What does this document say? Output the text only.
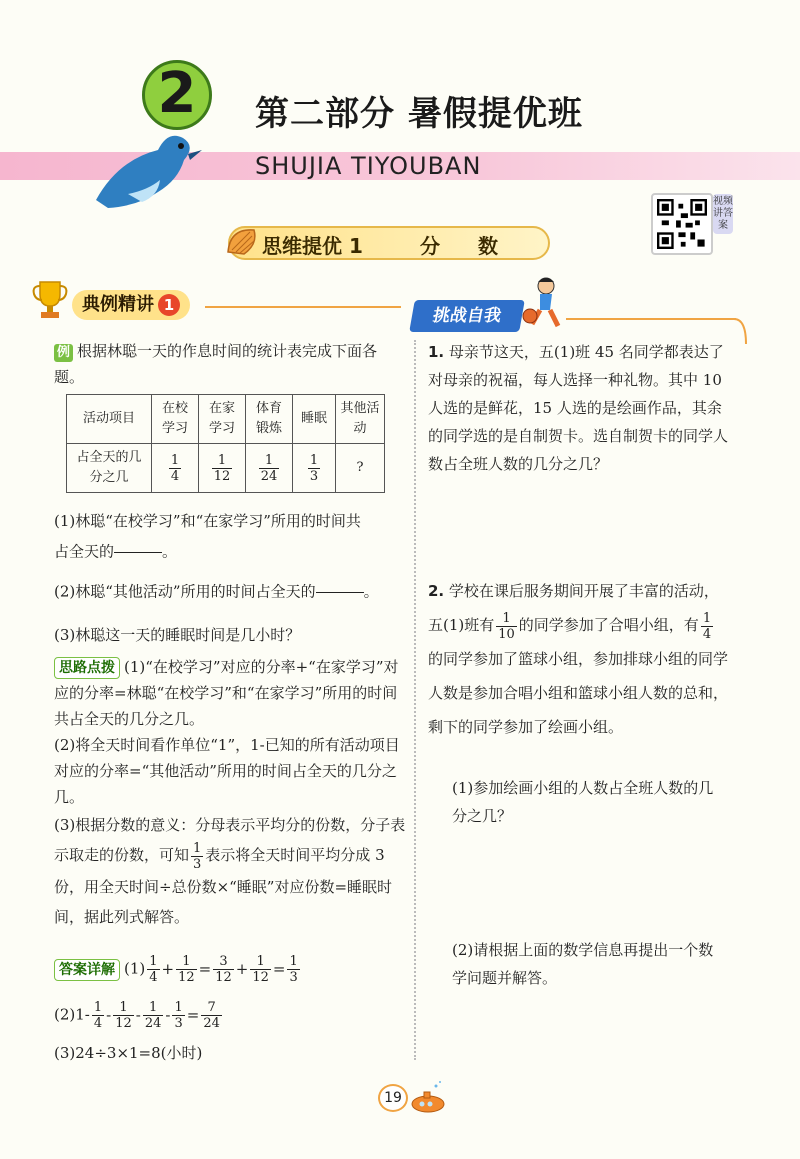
2	第二部分 暑假提优班
SHUJIA TIYOUBAN
视频讲答案
思维提优 1	分数
典例精讲 1
挑战自我
例 根据林聪一天的作息时间的统计表完成下面各题。
活动项目	在校学习	在家学习	体育锻炼	睡眠	其他活动
占全天的几分之几	$\frac{1}{4}$	$\frac{1}{12}$	$\frac{1}{24}$	$\frac{1}{3}$	?
(1)林聪“在校学习”和“在家学习”所用的时间共
占全天的

	。
(2)林聪“其他活动”所用的时间占全天的

	。
(3)林聪这一天的睡眠时间是几小时？
思路点拨 (1)“在校学习”对应的分率+“在家学习”对应的分率=林聪“在校学习”和“在家学习”所用的时间共占全天的几分之几。
(2)将全天时间看作单位“1”，1-已知的所有活动项目对应的分率=“其他活动”所用的时间占全天的几分之几。
(3)根据分数的意义：分母表示平均分的份数，分子表示取走的份数，可知 $\frac{1}{3}$ 表示将全天时间平均分成 3 份，用全天时间÷总份数×“睡眠”对应份数=睡眠时间，据此列式解答。
答案详解 $(1) \frac{1}{4} + \frac{1}{12} = \frac{3}{12} + \frac{1}{12} = \frac{1}{3}$
$(2)1- \frac{1}{4} - \frac{1}{12} - \frac{1}{24} - \frac{1}{3} = \frac{7}{24}$
(3)24÷3×1=8(小时)
1. 母亲节这天，五(1)班 45 名同学都表达了对母亲的祝福，每人选择一种礼物。其中 10 人选的是鲜花，15 人选的是绘画作品，其余的同学选的是自制贺卡。选自制贺卡的同学人数占全班人数的几分之几？
2. 学校在课后服务期间开展了丰富的活动，五(1)班有 $\frac{1}{10}$ 的同学参加了合唱小组，有 $\frac{1}{4}$
的同学参加了篮球小组，参加排球小组的同学人数是参加合唱小组和篮球小组人数的总和，剩下的同学参加了绘画小组。
(1)参加绘画小组的人数占全班人数的几分之几？
(2)请根据上面的数学信息再提出一个数学问题并解答。
19
